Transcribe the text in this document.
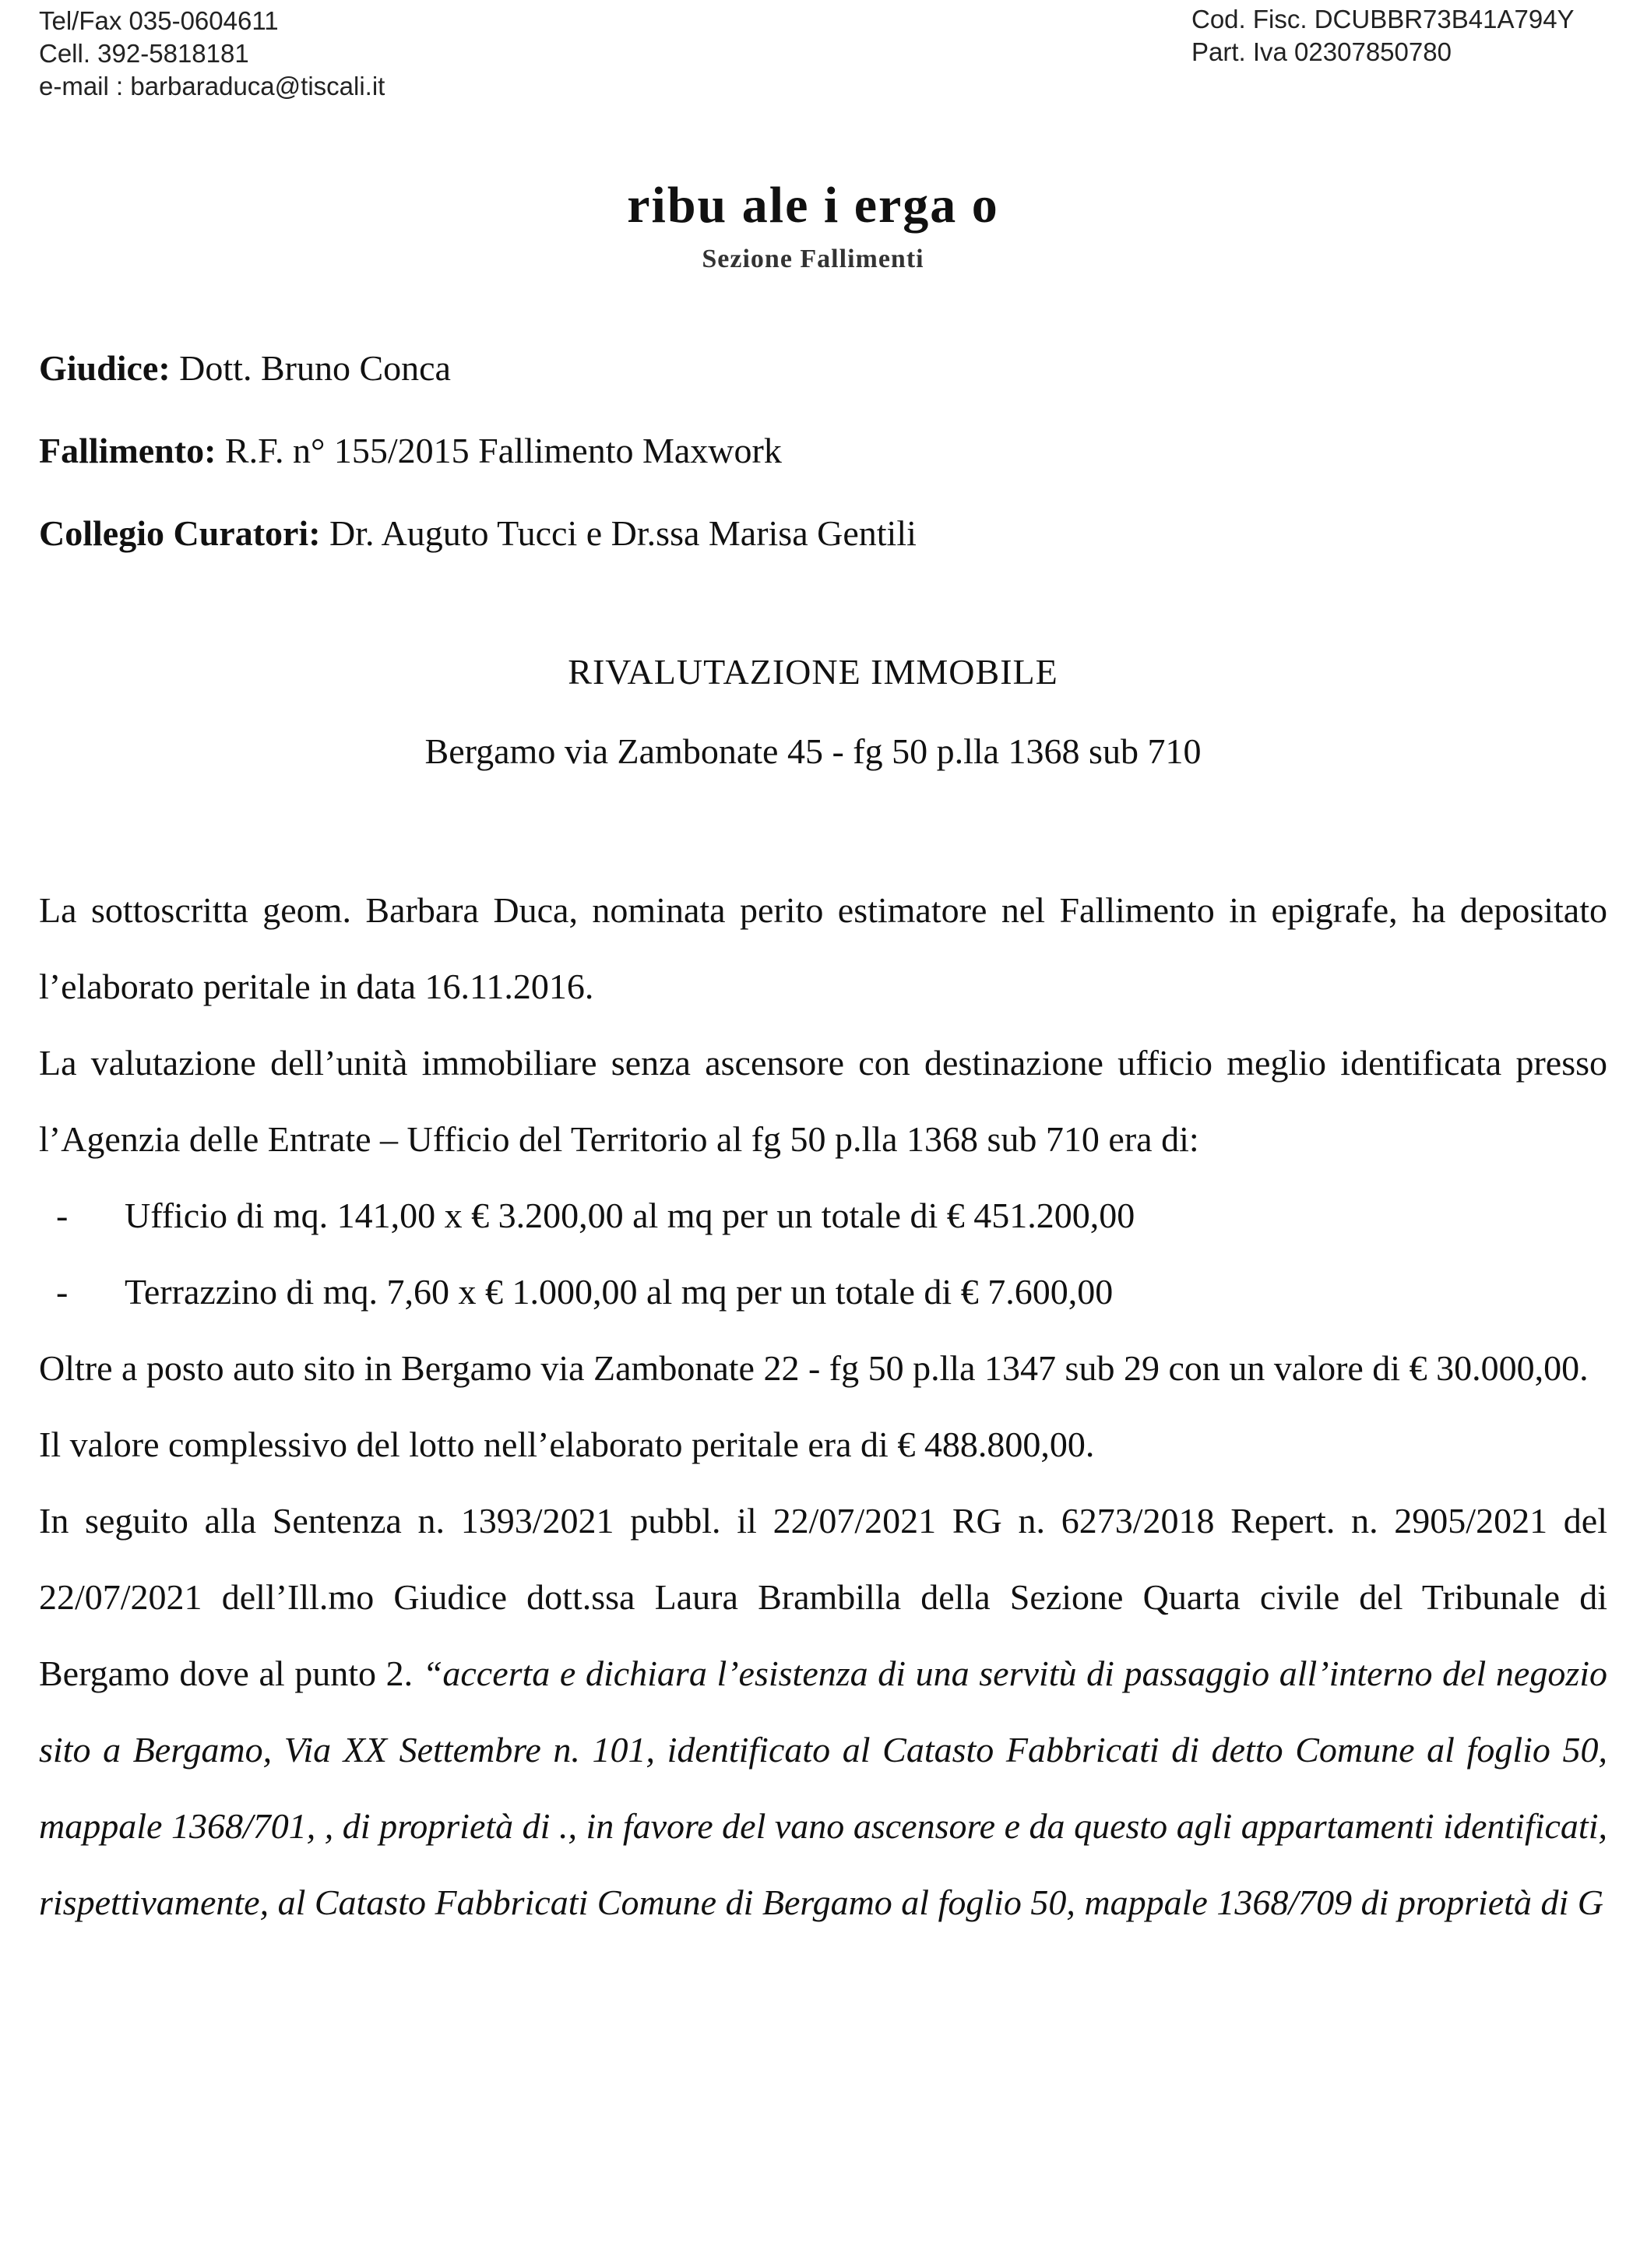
Tel/Fax 035-0604611
Cell. 392-5818181
e-mail : barbaraduca@tiscali.it
Cod. Fisc. DCUBBR73B41A794Y
Part. Iva 02307850780
ribu ale i erga o
Sezione Fallimenti
Giudice: Dott. Bruno Conca
Fallimento: R.F. n° 155/2015 Fallimento Maxwork
Collegio Curatori: Dr. Auguto Tucci e Dr.ssa Marisa Gentili
RIVALUTAZIONE IMMOBILE
Bergamo via Zambonate 45 - fg 50 p.lla 1368 sub 710

La sottoscritta geom. Barbara Duca, nominata perito estimatore nel Fallimento in epigrafe, ha depositato l’elaborato peritale in data 16.11.2016.

La valutazione dell’unità immobiliare senza ascensore con destinazione ufficio meglio identificata presso l’Agenzia delle Entrate – Ufficio del Territorio al fg 50 p.lla 1368 sub 710 era di:

- Ufficio di mq. 141,00 x € 3.200,00 al mq per un totale di € 451.200,00
- Terrazzino di mq. 7,60 x € 1.000,00 al mq per un totale di € 7.600,00

Oltre a posto auto sito in Bergamo via Zambonate 22 - fg 50 p.lla 1347 sub 29 con un valore di € 30.000,00.

Il valore complessivo del lotto nell’elaborato peritale era di € 488.800,00.

In seguito alla Sentenza n. 1393/2021 pubbl. il 22/07/2021 RG n. 6273/2018 Repert. n. 2905/2021 del 22/07/2021 dell’Ill.mo Giudice dott.ssa Laura Brambilla della Sezione Quarta civile del Tribunale di Bergamo dove al punto 2. “accerta e dichiara l’esistenza di una servitù di passaggio all’interno del negozio sito a Bergamo, Via XX Settembre n. 101, identificato al Catasto Fabbricati di detto Comune al foglio 50, mappale 1368/701, , di proprietà di ., in favore del vano ascensore e da questo agli appartamenti identificati, rispettivamente, al Catasto Fabbricati Comune di Bergamo al foglio 50, mappale 1368/709 di proprietà di G
